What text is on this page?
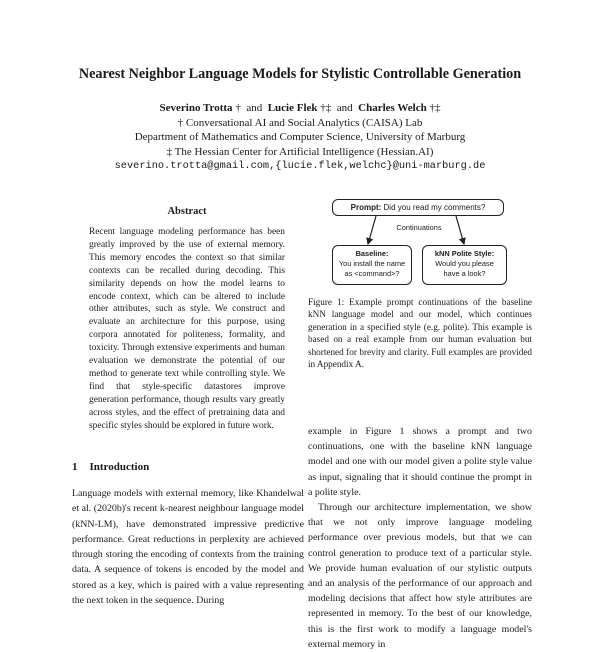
Nearest Neighbor Language Models for Stylistic Controllable Generation
Severino Trotta † and Lucie Flek †‡ and Charles Welch †‡
† Conversational AI and Social Analytics (CAISA) Lab
Department of Mathematics and Computer Science, University of Marburg
‡ The Hessian Center for Artificial Intelligence (Hessian.AI)
severino.trotta@gmail.com,{lucie.flek,welchc}@uni-marburg.de
Abstract
Recent language modeling performance has been greatly improved by the use of external memory. This memory encodes the context so that similar contexts can be recalled during decoding. This similarity depends on how the model learns to encode context, which can be altered to include other attributes, such as style. We construct and evaluate an architecture for this purpose, using corpora annotated for politeness, formality, and toxicity. Through extensive experiments and human evaluation we demonstrate the potential of our method to generate text while controlling style. We find that style-specific datastores improve generation performance, though results vary greatly across styles, and the effect of pretraining data and specific styles should be explored in future work.
1 Introduction
Language models with external memory, like Khandelwal et al. (2020b)'s recent k-nearest neighbour language model (kNN-LM), have demonstrated impressive predictive performance. Great reductions in perplexity are achieved through storing the encoding of contexts from the training data. A sequence of tokens is encoded by the model and stored as a key, which is paired with a value representing the next token in the sequence. During
Prompt: Did you read my comments?
Continuations
Baseline:
You install the name
as <command>?
kNN Polite Style:
Would you please
have a look?
Figure 1: Example prompt continuations of the baseline kNN language model and our model, which continues generation in a specified style (e.g. polite). This example is based on a real example from our human evaluation but shortened for brevity and clarity. Full examples are provided in Appendix A.

example in Figure 1 shows a prompt and two continuations, one with the baseline kNN language model and one with our model given a polite style value as input, signaling that it should continue the prompt in a polite style.

Through our architecture implementation, we show that we not only improve language modeling performance over previous models, but that we can control generation to produce text of a particular style. We provide human evaluation of our stylistic outputs and an analysis of the performance of our approach and modeling decisions that affect how style attributes are represented in memory. To the best of our knowledge, this is the first work to modify a language model's external memory in
